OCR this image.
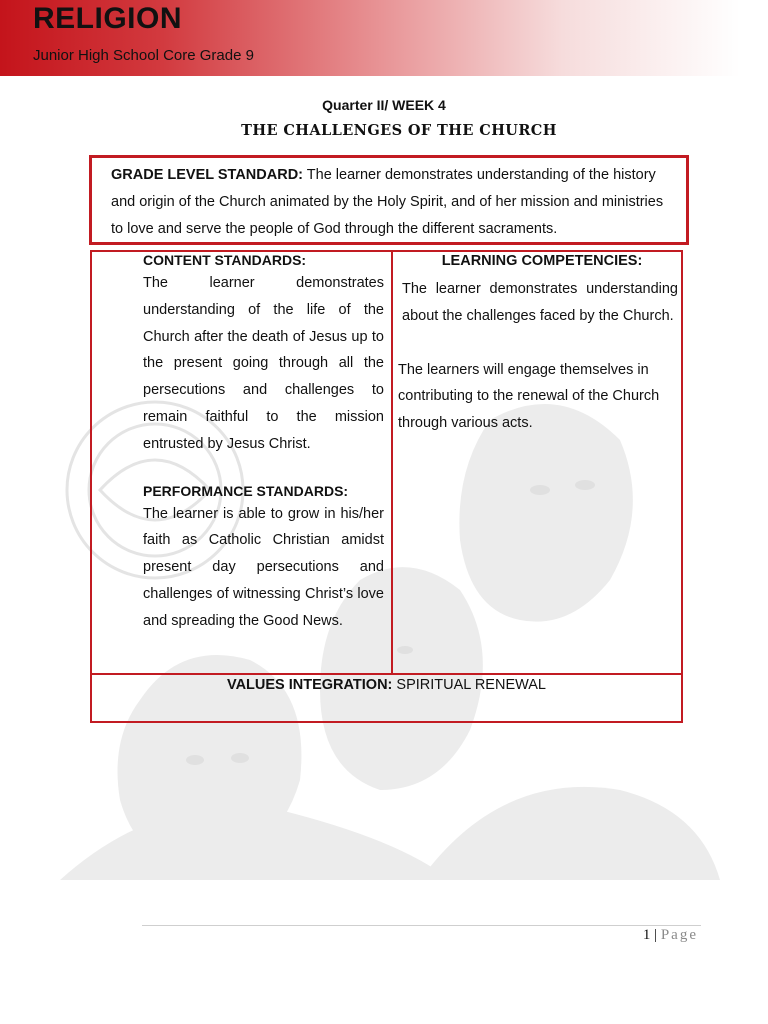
RELIGION
Junior High School Core Grade 9
Quarter II/ WEEK 4
THE CHALLENGES OF THE CHURCH

GRADE LEVEL STANDARD: The learner demonstrates understanding of the history and origin of the Church animated by the Holy Spirit, and of her mission and ministries to love and serve the people of God through the different sacraments.

CONTENT STANDARDS:

The learner demonstrates understanding of the life of the Church after the death of Jesus up to the present going through all the persecutions and challenges to remain faithful to the mission entrusted by Jesus Christ.

PERFORMANCE STANDARDS:

The learner is able to grow in his/her faith as Catholic Christian amidst present day persecutions and challenges of witnessing Christ’s love and spreading the Good News.

LEARNING COMPETENCIES:

The learner demonstrates understanding about the challenges faced by the Church.

The learners will engage themselves in contributing to the renewal of the Church through various acts.

VALUES INTEGRATION: SPIRITUAL RENEWAL
1 | Page
